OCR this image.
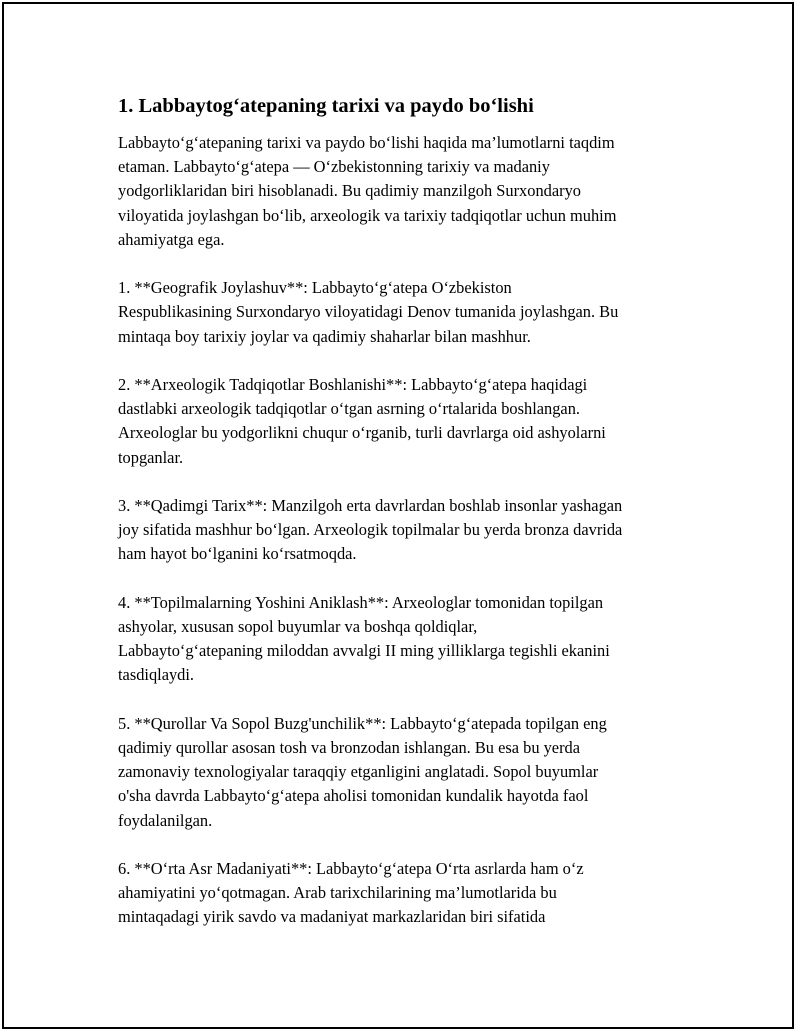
1. Labbaytog‘atepaning tarixi va paydo bo‘lishi

Labbayto‘g‘atepaning tarixi va paydo bo‘lishi haqida ma’lumotlarni taqdim
etaman. Labbayto‘g‘atepa — O‘zbekistonning tarixiy va madaniy
yodgorliklaridan biri hisoblanadi. Bu qadimiy manzilgoh Surxondaryo
viloyatida joylashgan bo‘lib, arxeologik va tarixiy tadqiqotlar uchun muhim
ahamiyatga ega.

1. **Geografik Joylashuv**: Labbayto‘g‘atepa O‘zbekiston
Respublikasining Surxondaryo viloyatidagi Denov tumanida joylashgan. Bu
mintaqa boy tarixiy joylar va qadimiy shaharlar bilan mashhur.

2. **Arxeologik Tadqiqotlar Boshlanishi**: Labbayto‘g‘atepa haqidagi
dastlabki arxeologik tadqiqotlar o‘tgan asrning o‘rtalarida boshlangan.
Arxeologlar bu yodgorlikni chuqur o‘rganib, turli davrlarga oid ashyolarni
topganlar.

3. **Qadimgi Tarix**: Manzilgoh erta davrlardan boshlab insonlar yashagan
joy sifatida mashhur bo‘lgan. Arxeologik topilmalar bu yerda bronza davrida
ham hayot bo‘lganini ko‘rsatmoqda.

4. **Topilmalarning Yoshini Aniklash**: Arxeologlar tomonidan topilgan
ashyolar, xususan sopol buyumlar va boshqa qoldiqlar,
Labbayto‘g‘atepaning miloddan avvalgi II ming yilliklarga tegishli ekanini
tasdiqlaydi.

5. **Qurollar Va Sopol Buzg'unchilik**: Labbayto‘g‘atepada topilgan eng
qadimiy qurollar asosan tosh va bronzodan ishlangan. Bu esa bu yerda
zamonaviy texnologiyalar taraqqiy etganligini anglatadi. Sopol buyumlar
o'sha davrda Labbayto‘g‘atepa aholisi tomonidan kundalik hayotda faol
foydalanilgan.

6. **O‘rta Asr Madaniyati**: Labbayto‘g‘atepa O‘rta asrlarda ham o‘z
ahamiyatini yo‘qotmagan. Arab tarixchilarining ma’lumotlarida bu
mintaqadagi yirik savdo va madaniyat markazlaridan biri sifatida
